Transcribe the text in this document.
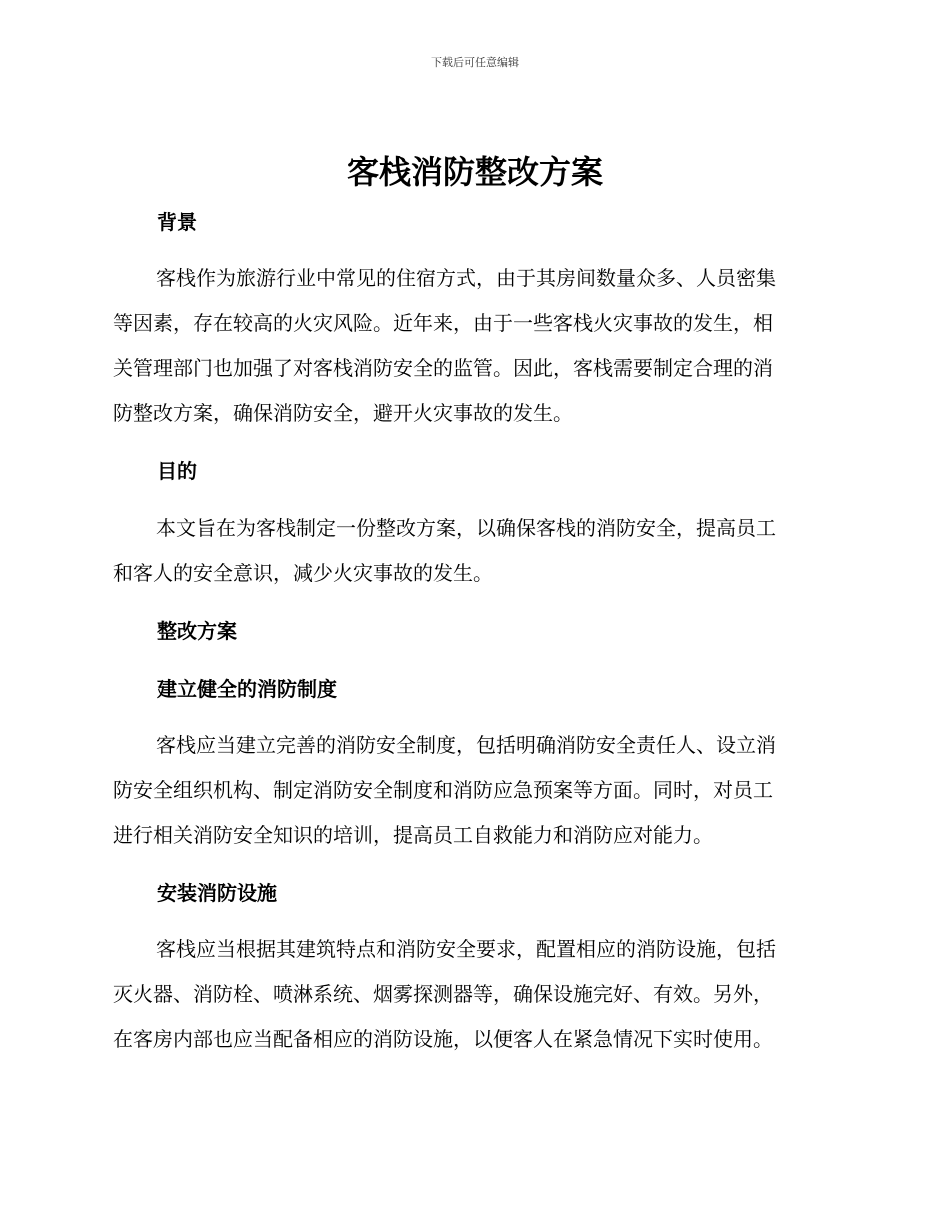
下载后可任意编辑
客栈消防整改方案
背景
客栈作为旅游行业中常见的住宿方式，由于其房间数量众多、人员密集
等因素，存在较高的火灾风险。近年来，由于一些客栈火灾事故的发生，相
关管理部门也加强了对客栈消防安全的监管。因此，客栈需要制定合理的消
防整改方案，确保消防安全，避开火灾事故的发生。
目的
本文旨在为客栈制定一份整改方案，以确保客栈的消防安全，提高员工
和客人的安全意识，减少火灾事故的发生。
整改方案
建立健全的消防制度
客栈应当建立完善的消防安全制度，包括明确消防安全责任人、设立消
防安全组织机构、制定消防安全制度和消防应急预案等方面。同时，对员工
进行相关消防安全知识的培训，提高员工自救能力和消防应对能力。
安装消防设施
客栈应当根据其建筑特点和消防安全要求，配置相应的消防设施，包括
灭火器、消防栓、喷淋系统、烟雾探测器等，确保设施完好、有效。另外，
在客房内部也应当配备相应的消防设施，以便客人在紧急情况下实时使用。
